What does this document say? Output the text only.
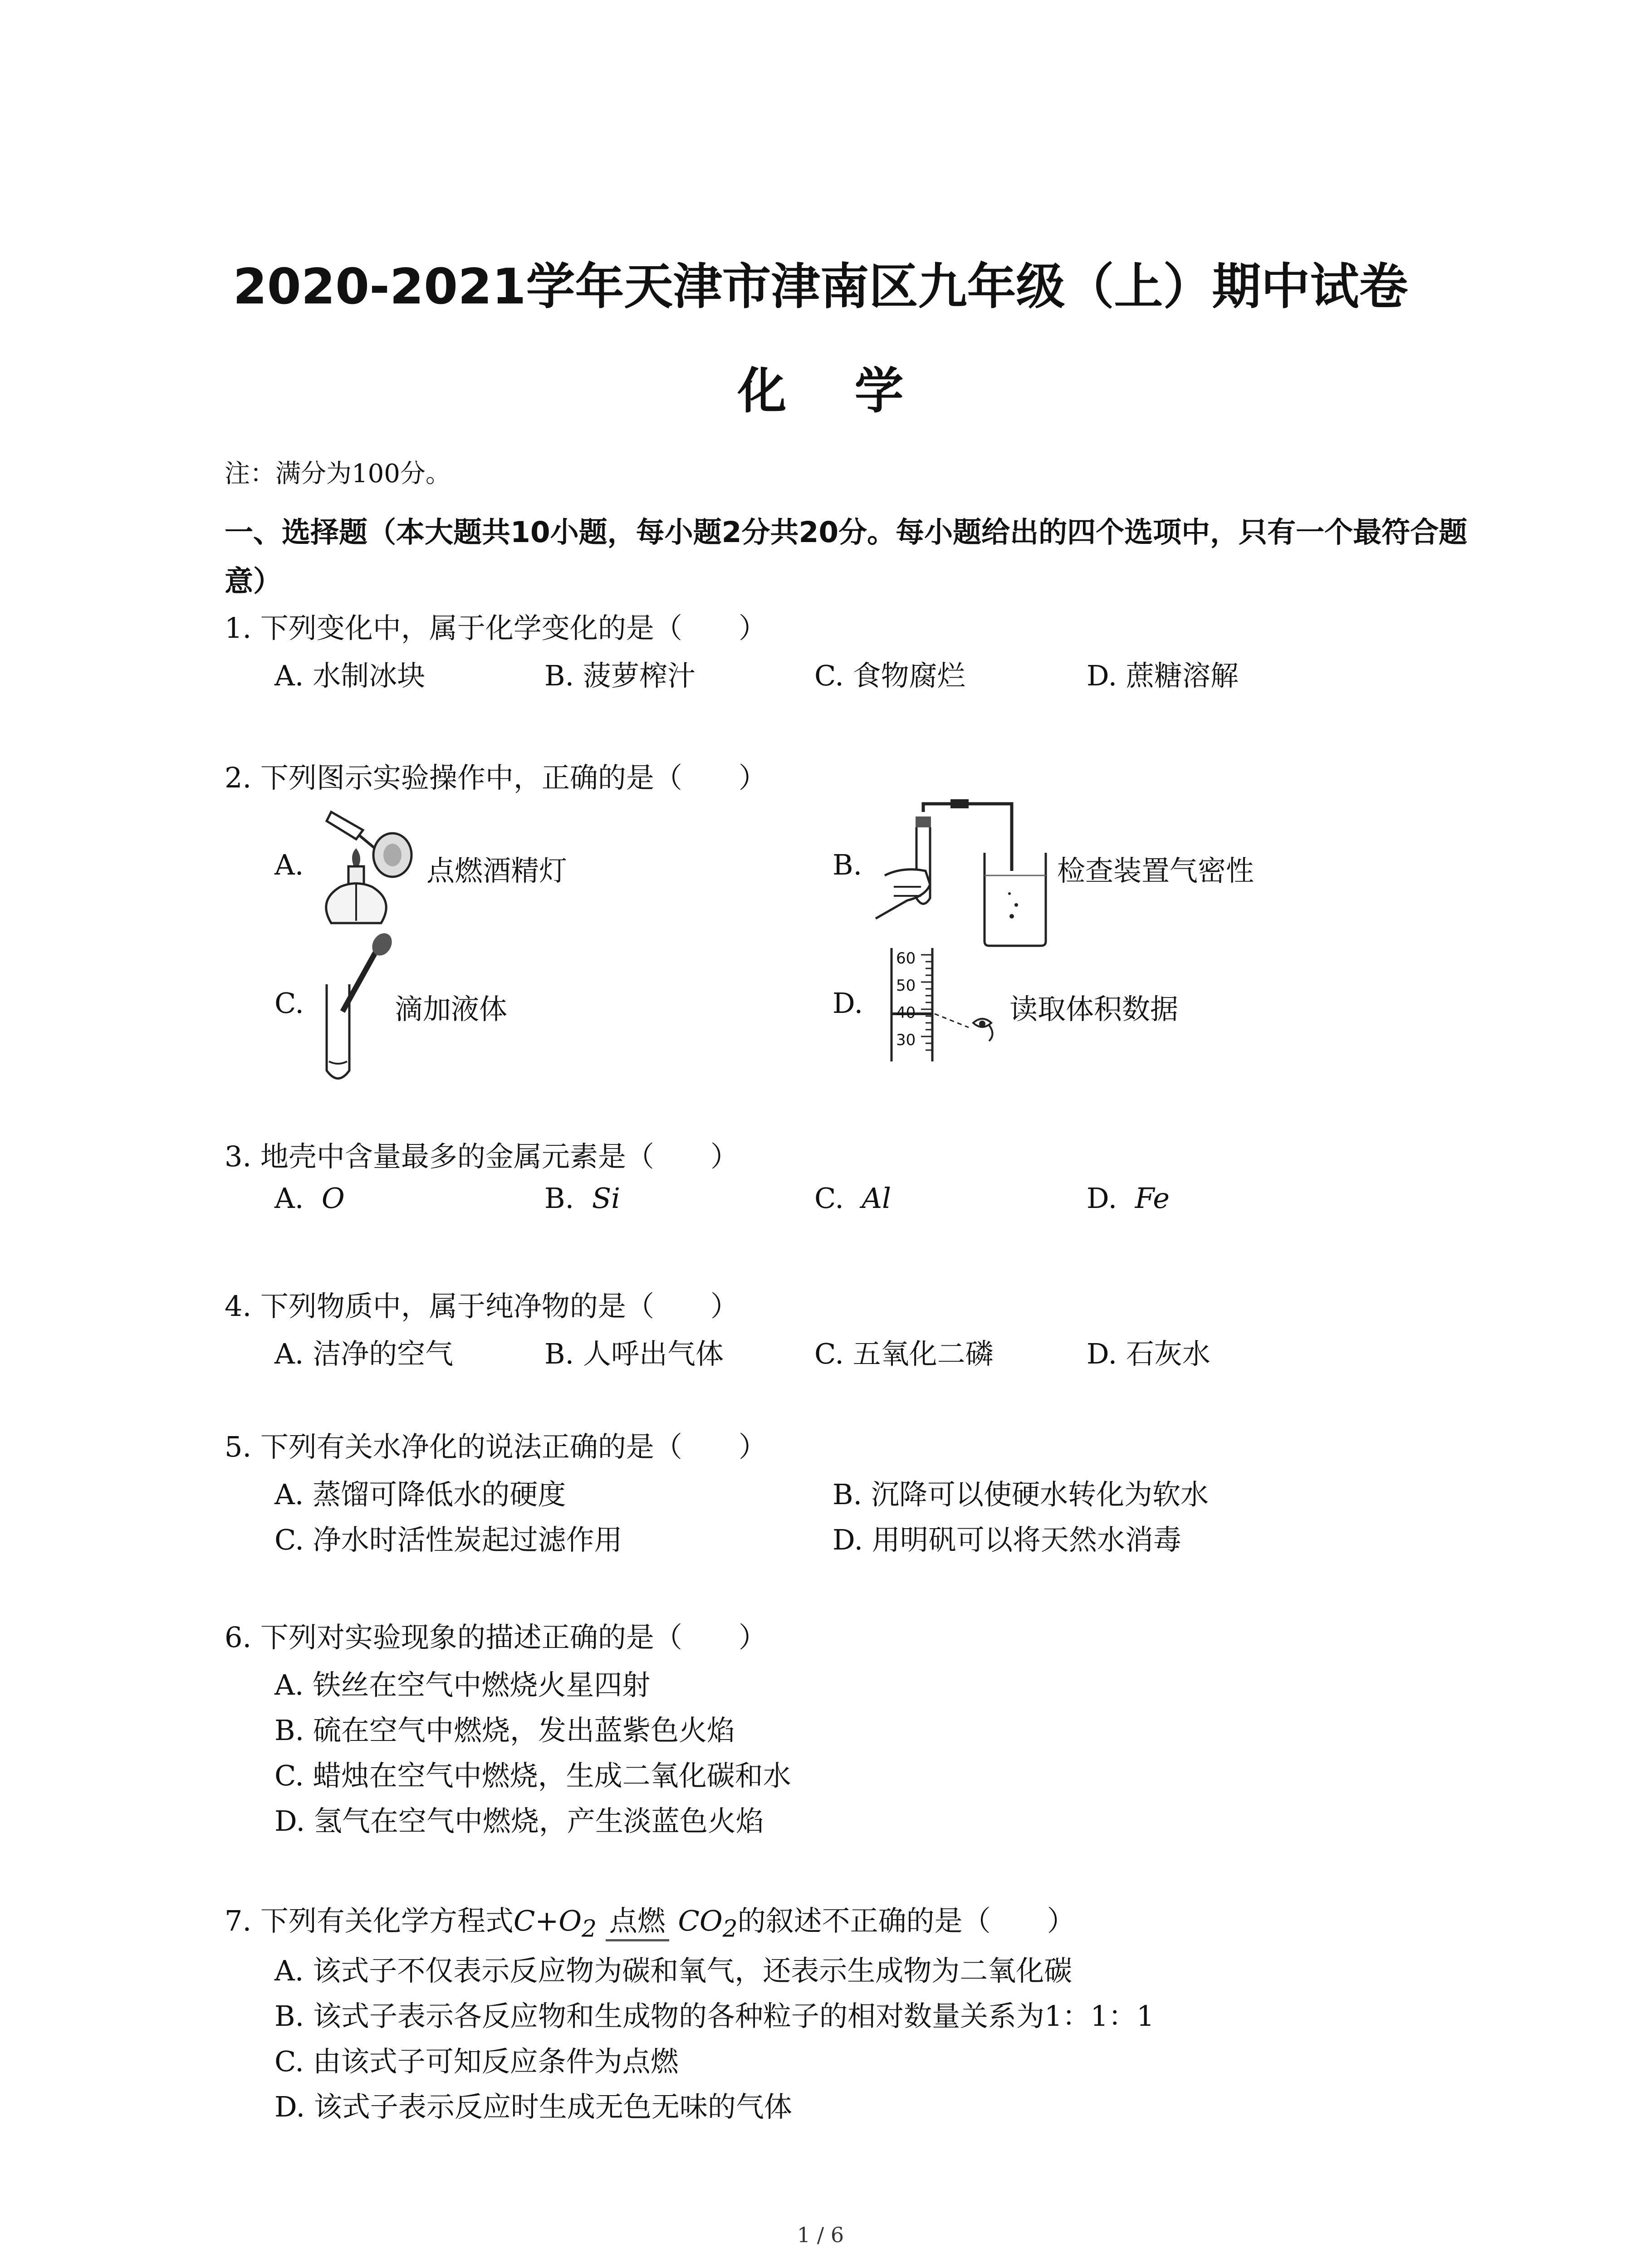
2020-2021学年天津市津南区九年级（上）期中试卷
化学
注：满分为100分。
一、选择题（本大题共10小题，每小题2分共20分。每小题给出的四个选项中，只有一个最符合题意）
1. 下列变化中，属于化学变化的是（　　）
A. 水制冰块	B. 菠萝榨汁	C. 食物腐烂	D. 蔗糖溶解
2. 下列图示实验操作中，正确的是（　　）
A.	点燃酒精灯	B.	检查装置气密性
C.	滴加液体	D.
60
50
40
30
读取体积数据
3. 地壳中含量最多的金属元素是（　　）
A. O	B. Si	C. Al	D. Fe
4. 下列物质中，属于纯净物的是（　　）
A. 洁净的空气	B. 人呼出气体	C. 五氧化二磷	D. 石灰水
5. 下列有关水净化的说法正确的是（　　）
A. 蒸馏可降低水的硬度	B. 沉降可以使硬水转化为软水
C. 净水时活性炭起过滤作用	D. 用明矾可以将天然水消毒
6. 下列对实验现象的描述正确的是（　　）
A. 铁丝在空气中燃烧火星四射
B. 硫在空气中燃烧，发出蓝紫色火焰
C. 蜡烛在空气中燃烧，生成二氧化碳和水
D. 氢气在空气中燃烧，产生淡蓝色火焰
7. 下列有关化学方程式$C+O_2$ 点燃 $CO_2$的叙述不正确的是（　　）
A. 该式子不仅表示反应物为碳和氧气，还表示生成物为二氧化碳
B. 该式子表示各反应物和生成物的各种粒子的相对数量关系为1：1：1
C. 由该式子可知反应条件为点燃
D. 该式子表示反应时生成无色无味的气体
1 / 6
